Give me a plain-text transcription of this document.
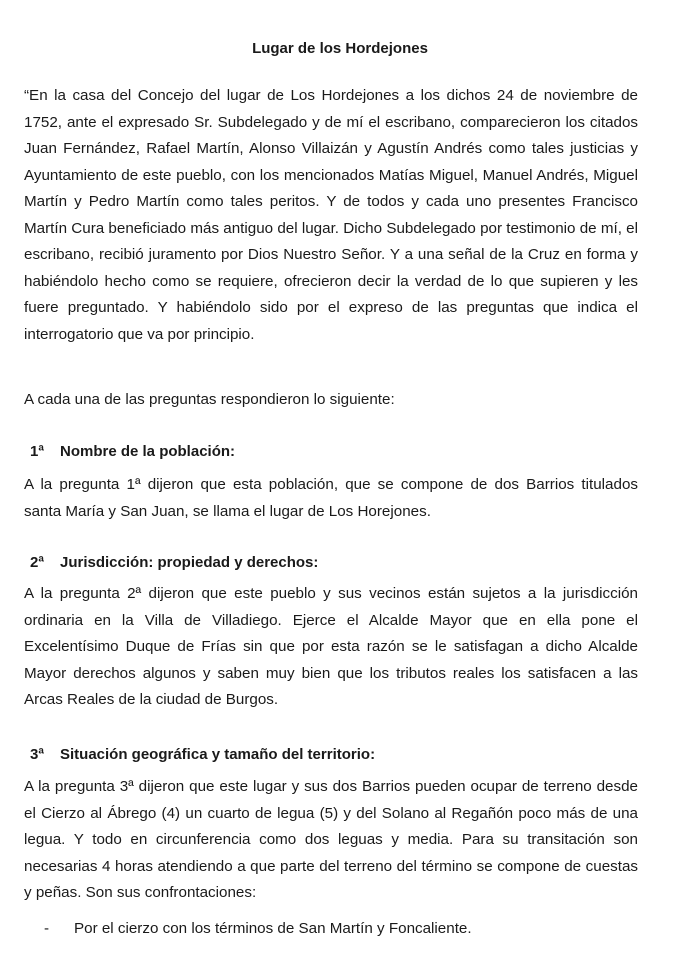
Lugar de los Hordejones

“En la casa del Concejo del lugar de Los Hordejones a los dichos 24 de noviembre de 1752, ante el expresado Sr. Subdelegado y de mí el escribano, comparecieron los citados Juan Fernández, Rafael Martín, Alonso Villaizán y Agustín Andrés como tales justicias y Ayuntamiento de este pueblo, con los mencionados Matías Miguel, Manuel Andrés, Miguel Martín y Pedro Martín como tales peritos. Y de todos y cada uno presentes Francisco Martín Cura beneficiado más antiguo del lugar. Dicho Subdelegado por testimonio de mí, el escribano, recibió juramento por Dios Nuestro Señor. Y a una señal de la Cruz en forma y habiéndolo hecho como se requiere, ofrecieron decir la verdad de lo que supieren y les fuere preguntado. Y habiéndolo sido por el expreso de las preguntas que indica el interrogatorio que va por principio.

A cada una de las preguntas respondieron lo siguiente:

1ª Nombre de la población:

A la pregunta 1ª dijeron que esta población, que se compone de dos Barrios titulados santa María y San Juan, se llama el lugar de Los Horejones.

2ª Jurisdicción: propiedad y derechos:

A la pregunta 2ª dijeron que este pueblo y sus vecinos están sujetos a la jurisdicción ordinaria en la Villa de Villadiego. Ejerce el Alcalde Mayor que en ella pone el Excelentísimo Duque de Frías sin que por esta razón se le satisfagan a dicho Alcalde Mayor derechos algunos y saben muy bien que los tributos reales los satisfacen a las Arcas Reales de la ciudad de Burgos.

3ª Situación geográfica y tamaño del territorio:

A la pregunta 3ª dijeron que este lugar y sus dos Barrios pueden ocupar de terreno desde el Cierzo al Ábrego (4) un cuarto de legua (5) y del Solano al Regañón poco más de una legua. Y todo en circunferencia como dos leguas y media. Para su transitación son necesarias 4 horas atendiendo a que parte del terreno del término se compone de cuestas y peñas. Son sus confrontaciones:

- Por el cierzo con los términos de San Martín y Foncaliente.
